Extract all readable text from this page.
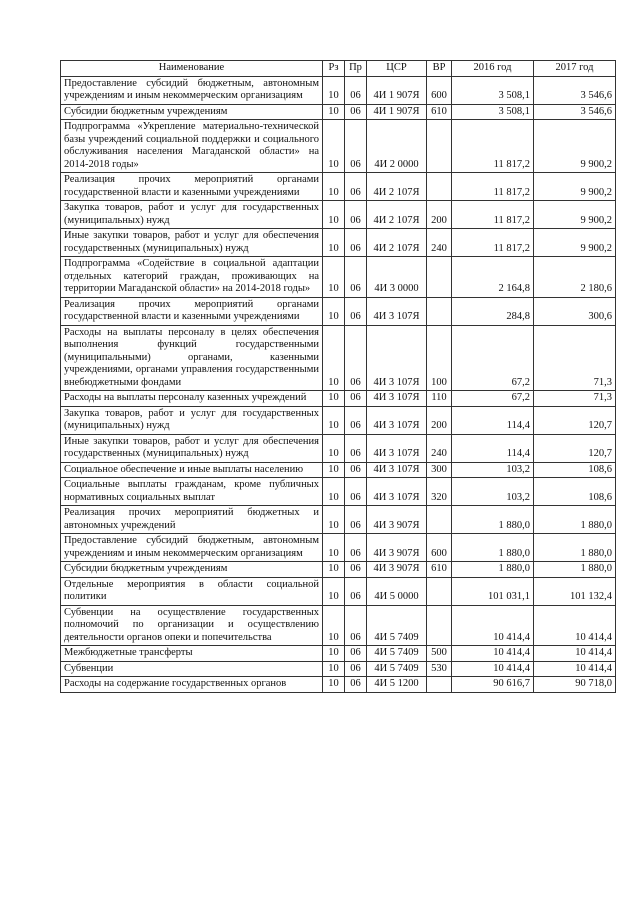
Наименование	Рз	Пр	ЦСР	ВР	2016 год	2017 год
Предоставление субсидий бюджетным, автономным учреждениям и иным некоммерческим организациям	10	06	4И 1 907Я	600	3 508,1	3 546,6
Субсидии бюджетным учреждениям	10	06	4И 1 907Я	610	3 508,1	3 546,6
Подпрограмма «Укрепление материально-технической базы учреждений социальной поддержки и социального обслуживания населения Магаданской области» на 2014-2018 годы»	10	06	4И 2 0000		11 817,2	9 900,2
Реализация прочих мероприятий органами государственной власти и казенными учреждениями	10	06	4И 2 107Я		11 817,2	9 900,2
Закупка товаров, работ и услуг для государственных (муниципальных) нужд	10	06	4И 2 107Я	200	11 817,2	9 900,2
Иные закупки товаров, работ и услуг для обеспечения государственных (муниципальных) нужд	10	06	4И 2 107Я	240	11 817,2	9 900,2
Подпрограмма «Содействие в социальной адаптации отдельных категорий граждан, проживающих на территории Магаданской области» на 2014-2018 годы»	10	06	4И 3 0000		2 164,8	2 180,6
Реализация прочих мероприятий органами государственной власти и казенными учреждениями	10	06	4И 3 107Я		284,8	300,6
Расходы на выплаты персоналу в целях обеспечения выполнения функций государственными (муниципальными) органами, казенными учреждениями, органами управления государственными внебюджетными фондами	10	06	4И 3 107Я	100	67,2	71,3
Расходы на выплаты персоналу казенных учреждений	10	06	4И 3 107Я	110	67,2	71,3
Закупка товаров, работ и услуг для государственных (муниципальных) нужд	10	06	4И 3 107Я	200	114,4	120,7
Иные закупки товаров, работ и услуг для обеспечения государственных (муниципальных) нужд	10	06	4И 3 107Я	240	114,4	120,7
Социальное обеспечение и иные выплаты населению	10	06	4И 3 107Я	300	103,2	108,6
Социальные выплаты гражданам, кроме публичных нормативных социальных выплат	10	06	4И 3 107Я	320	103,2	108,6
Реализация прочих мероприятий бюджетных и автономных учреждений	10	06	4И 3 907Я		1 880,0	1 880,0
Предоставление субсидий бюджетным, автономным учреждениям и иным некоммерческим организациям	10	06	4И 3 907Я	600	1 880,0	1 880,0
Субсидии бюджетным учреждениям	10	06	4И 3 907Я	610	1 880,0	1 880,0
Отдельные мероприятия в области социальной политики	10	06	4И 5 0000		101 031,1	101 132,4
Субвенции на осуществление государственных полномочий по организации и осуществлению деятельности органов опеки и попечительства	10	06	4И 5 7409		10 414,4	10 414,4
Межбюджетные трансферты	10	06	4И 5 7409	500	10 414,4	10 414,4
Субвенции	10	06	4И 5 7409	530	10 414,4	10 414,4
Расходы на содержание государственных органов	10	06	4И 5 1200		90 616,7	90 718,0
